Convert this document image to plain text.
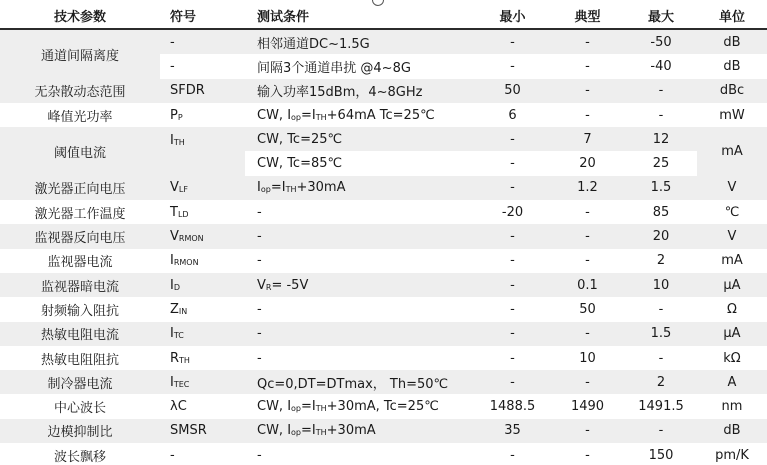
技术参数	符号	测试条件	最小	典型	最大	单位
通道间隔离度	-	相邻通道DC~1.5G	-	-	-50	dB
	-	间隔3个通道串扰 @4~8G	-	-	-40	dB
无杂散动态范围	SFDR	输入功率15dBm，4~8GHz	50	-	-	dBc
峰值光功率	PP	CW, Iop=ITH+64mA Tc=25℃	6	-	-	mW
阈值电流	ITH	CW, Tc=25℃	-	7	12	mA
		CW, Tc=85℃	-	20	25	
激光器正向电压	VLF	Iop=ITH+30mA	-	1.2	1.5	V
激光器工作温度	TLD	-	-20	-	85	℃
监视器反向电压	VRMON	-	-	-	20	V
监视器电流	IRMON	-	-	-	2	mA
监视器暗电流	ID	VR= -5V	-	0.1	10	μA
射频输入阻抗	ZIN	-	-	50	-	Ω
热敏电阻电流	ITC	-	-	-	1.5	μA
热敏电阻阻抗	RTH	-	-	10	-	kΩ
制冷器电流	ITEC	Qc=0,DT=DTmax， Th=50℃	-	-	2	A
中心波长	λC	CW, Iop=ITH+30mA, Tc=25℃	1488.5	1490	1491.5	nm
边模抑制比	SMSR	CW, Iop=ITH+30mA	35	-	-	dB
波长飘移	-	-	-	-	150	pm/K
